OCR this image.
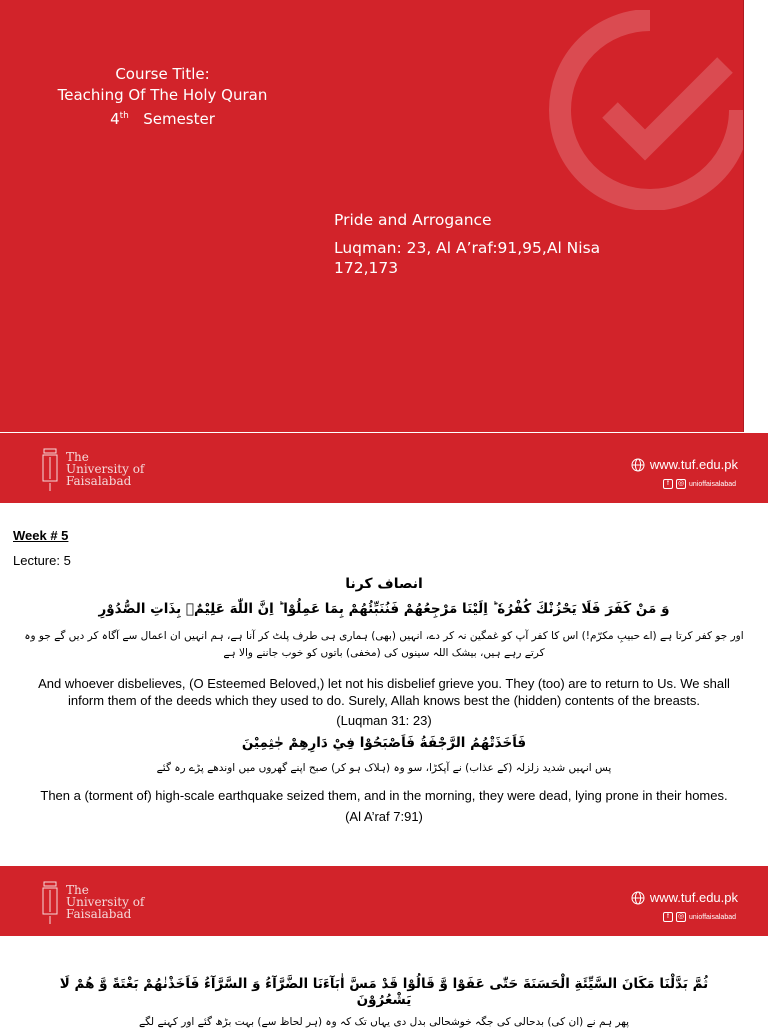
Course Title:
Teaching Of The Holy Quran
4th Semester
Pride and Arrogance
Luqman: 23, Al A’raf:91,95,Al Nisa 172,173
The
University of
Faisalabad
www.tuf.edu.pk
f	◎ unioffaisalabad
Week # 5
Lecture: 5
انصاف کرنا
وَ مَنْ كَفَرَ فَلَا يَحْزُنْكَ كُفْرُهٗ ؕ اِلَيْنَا مَرْجِعُهُمْ فَنُنَبِّئُهُمْ بِمَا عَمِلُوْا ؕ اِنَّ اللّٰهَ عَلِيْمٌۢ بِذَاتِ الصُّدُوْرِ
اور جو کفر کرتا ہے (اے حبیبِ مکرّم!) اس کا کفر آپ کو غمگین نہ کر دے، انہیں (بھی) ہماری ہی طرف پلٹ کر آنا ہے، ہم انہیں ان اعمال سے آگاہ کر دیں گے جو وہ کرتے رہے ہیں، بیشک اللہ سینوں کی (مخفی) باتوں کو خوب جاننے والا ہے
And whoever disbelieves, (O Esteemed Beloved,) let not his disbelief grieve you. They (too) are to return to Us. We shall inform them of the deeds which they used to do. Surely, Allah knows best the (hidden) contents of the breasts.
(Luqman 31: 23)
فَاَخَذَتْهُمُ الرَّجْفَةُ فَاَصْبَحُوْا فِيْ دَارِهِمْ جٰثِمِيْنَ
پس انہیں شدید زلزلہ (کے عذاب) نے آپکڑا، سو وہ (ہلاک ہو کر) صبح اپنے گھروں میں اوندھے پڑے رہ گئے
Then a (torment of) high-scale earthquake seized them, and in the morning, they were dead, lying prone in their homes.
(Al A’raf 7:91)
The
University of
Faisalabad
www.tuf.edu.pk
f	◎ unioffaisalabad
ثُمَّ بَدَّلْنَا مَكَانَ السَّيِّئَةِ الْحَسَنَةَ حَتّٰى عَفَوْا وَّ قَالُوْا قَدْ مَسَّ اٰبَآءَنَا الضَّرَّآءُ وَ السَّرَّآءُ فَاَخَذْنٰهُمْ بَغْتَةً وَّ هُمْ لَا يَشْعُرُوْنَ
پھر ہم نے (ان کی) بدحالی کی جگہ خوشحالی بدل دی یہاں تک کہ وہ (ہر لحاظ سے) بہت بڑھ گئے اور کہنے لگے
